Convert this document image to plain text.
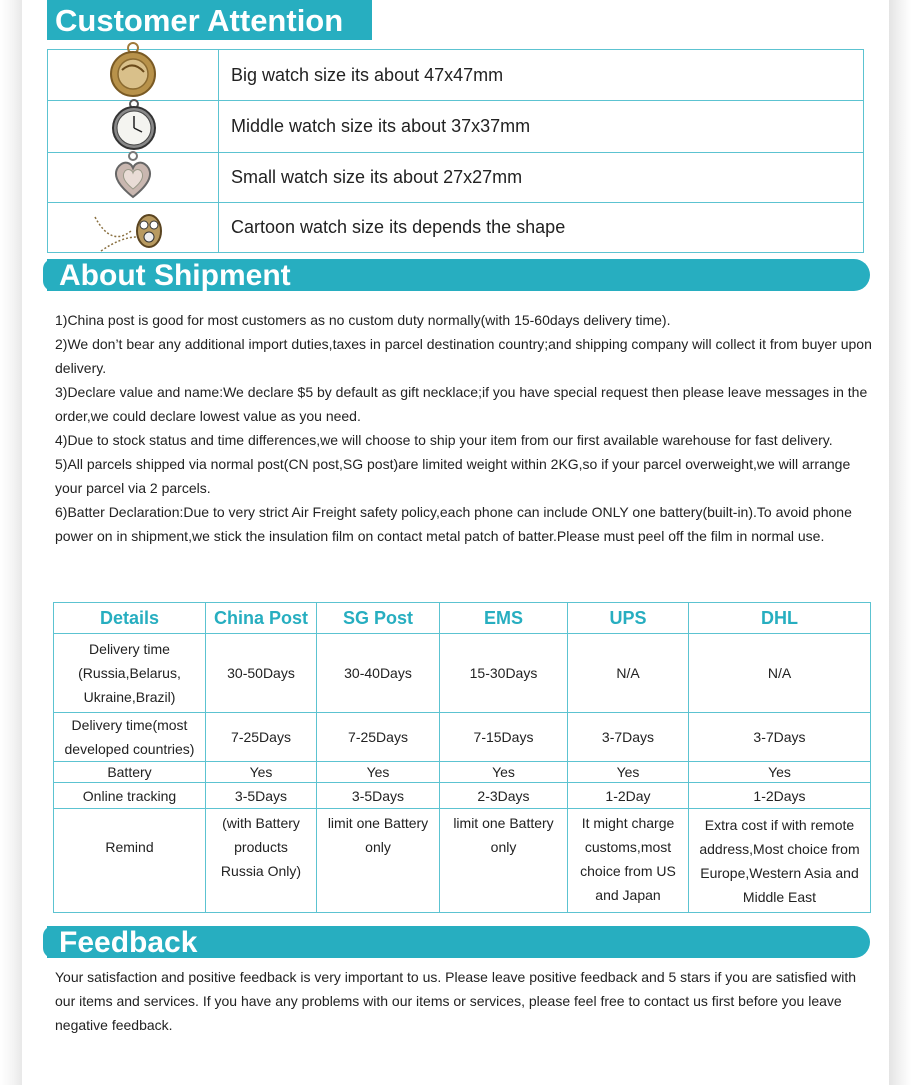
Customer Attention
	Big watch size its about 47x47mm

	Middle watch size its about 37x37mm

	Small watch size its about 27x27mm

	Cartoon watch size its depends the shape
About Shipment

1)China post is good for most customers as no custom duty normally(with 15-60days delivery time).

2)We don’t bear any additional import duties,taxes in parcel destination country;and shipping company will collect it from buyer upon delivery.

3)Declare value and name:We declare $5 by default as gift necklace;if you have special request then please leave messages in the order,we could declare lowest value as you need.

4)Due to stock status and time differences,we will choose to ship your item from our first available warehouse for fast delivery.

5)All parcels shipped via normal post(CN post,SG post)are limited weight within 2KG,so if your parcel overweight,we will arrange your parcel via 2 parcels.

6)Batter Declaration:Due to very strict Air Freight safety policy,each phone can include ONLY one battery(built-in).To avoid phone power on in shipment,we stick the insulation film on contact metal patch of batter.Please must peel off the film in normal use.

Details	China Post	SG Post	EMS	UPS	DHL
Delivery time (Russia,Belarus, Ukraine,Brazil)	30-50Days	30-40Days	15-30Days	N/A	N/A
Delivery time(most developed countries)	7-25Days	7-25Days	7-15Days	3-7Days	3-7Days
Battery	Yes	Yes	Yes	Yes	Yes
Online tracking	3-5Days	3-5Days	2-3Days	1-2Day	1-2Days
Remind	(with Battery products Russia Only)	limit one Battery only	limit one Battery only	It might charge customs,most choice from US and Japan	Extra cost if with remote address,Most choice from Europe,Western Asia and Middle East
Feedback

Your satisfaction and positive feedback is very important to us. Please leave positive feedback and 5 stars if you are satisfied with our items and services. If you have any problems with our items or services, please feel free to contact us first before you leave negative feedback.
